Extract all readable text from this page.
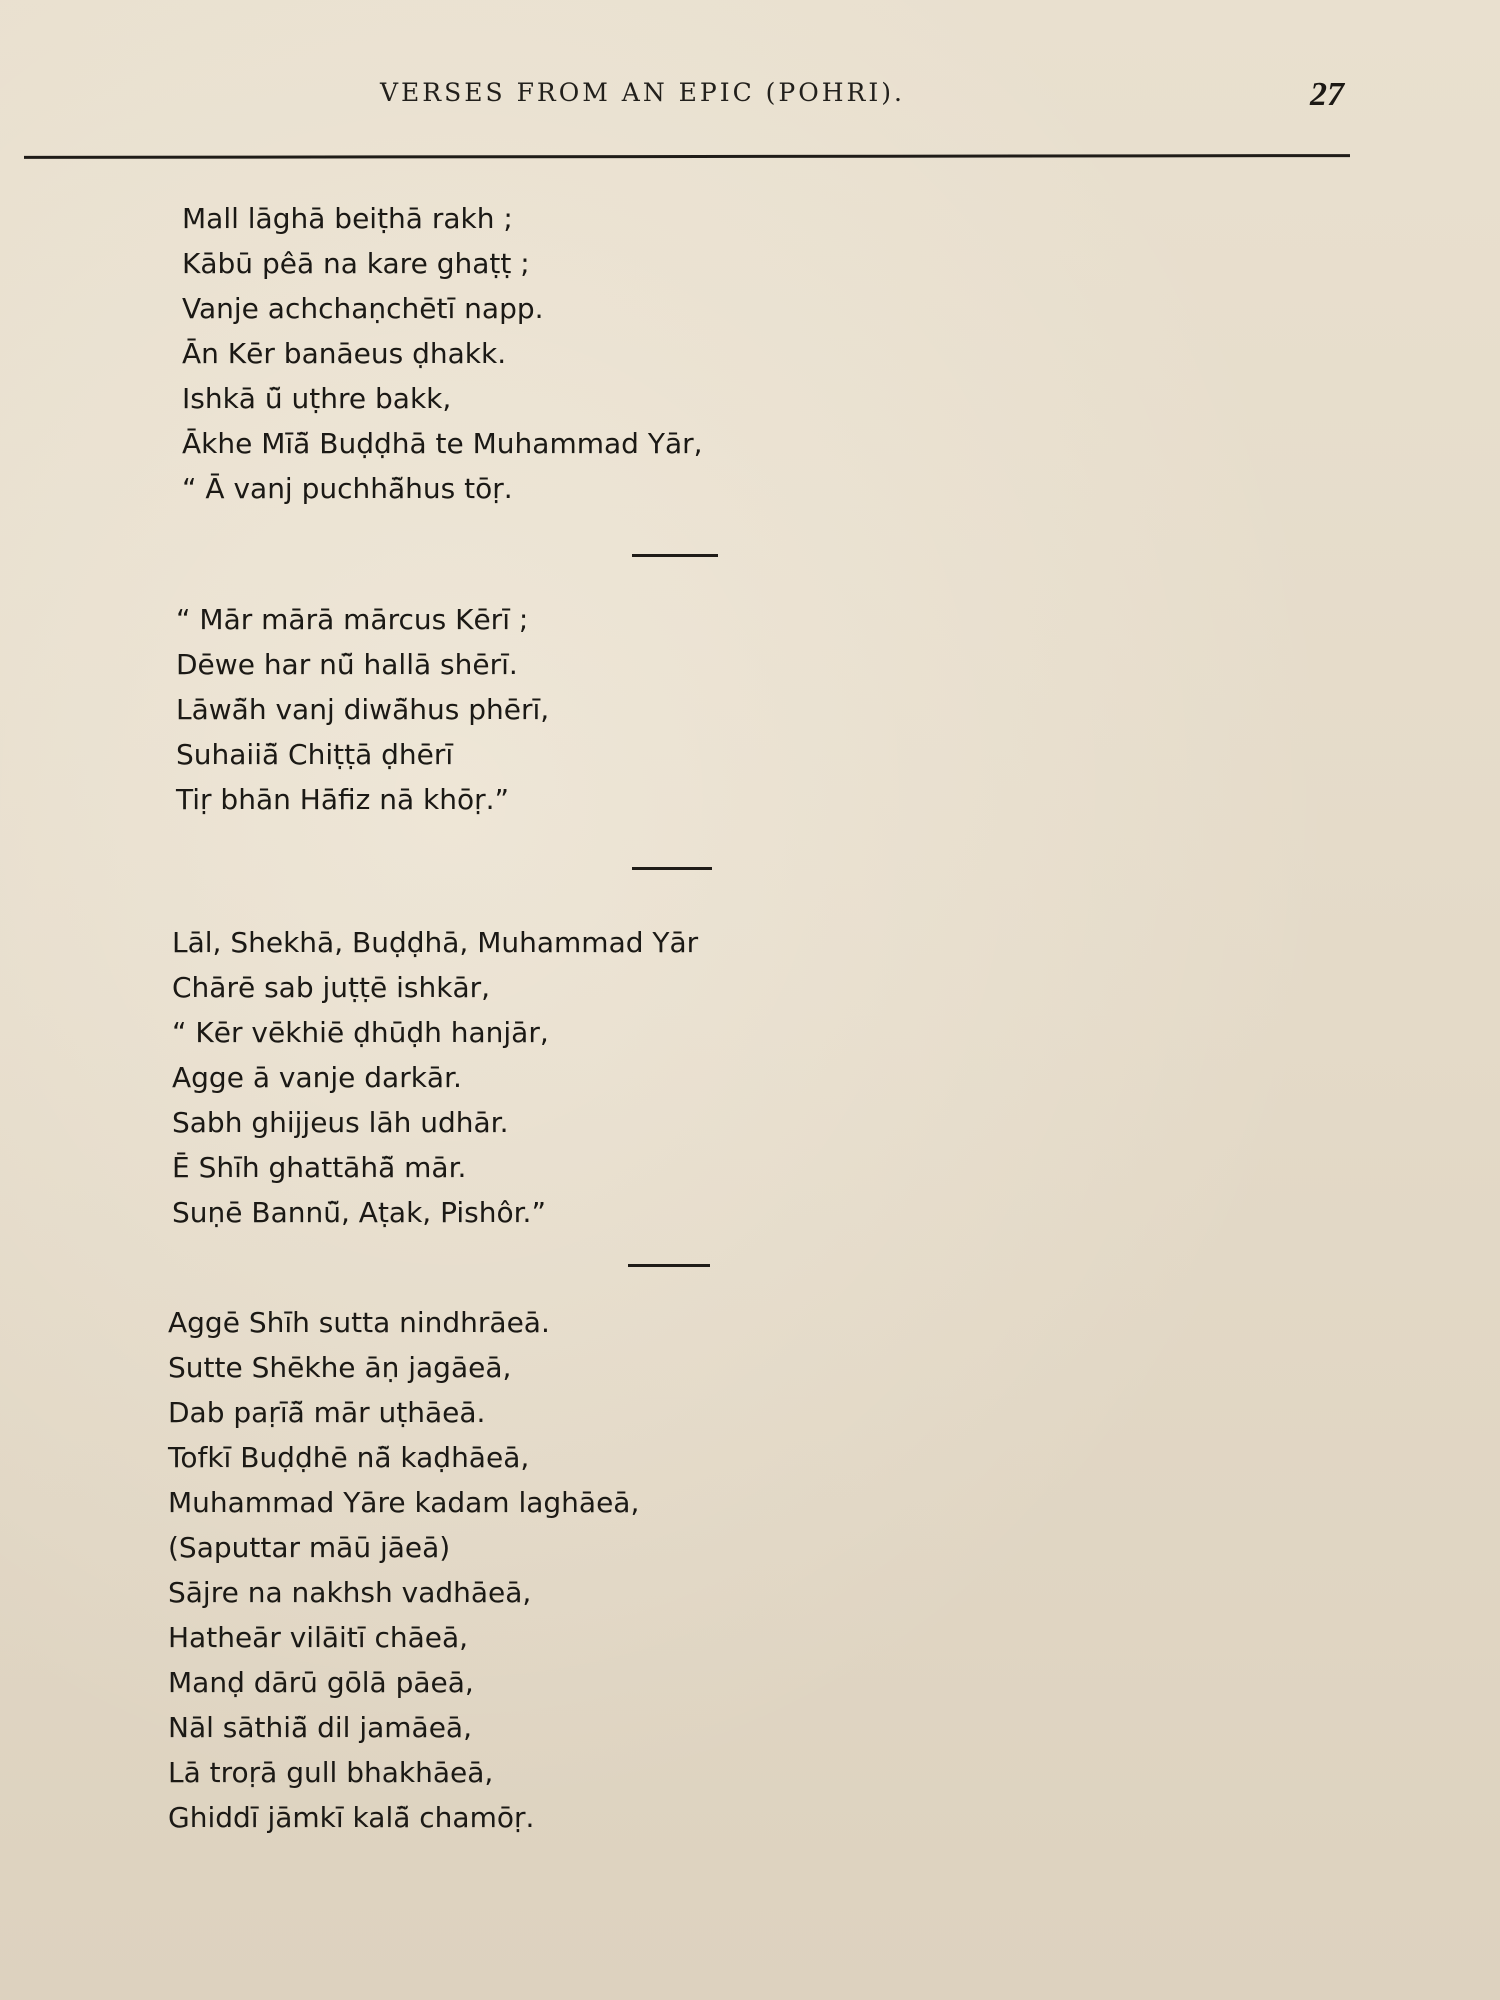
VERSES FROM AN EPIC (POHRI).	27
Mall lāghā beiṭhā rakh ;
Kābū pêā na kare ghaṭṭ ;
Vanje achchaṇchētī napp.
Ān Kēr banāeus ḍhakk.
Ishkā ū̃ uṭhre bakk,
Ākhe Mīā̃ Buḍḍhā te Muhammad Yār,
“ Ā vanj puchhā̃hus tōṛ.
“ Mār mārā mārcus Kērī ;
Dēwe har nū̃ hallā shērī.
Lāwā̃h vanj diwā̃hus phērī,
Suhaiiā̃ Chiṭṭā ḍhērī
Tiṛ bhān Hāfiz nā khōṛ.”
Lāl, Shekhā, Buḍḍhā, Muhammad Yār
Chārē sab juṭṭē ishkār,
“ Kēr vēkhiē ḍhūḍh hanjār,
Agge ā vanje darkār.
Sabh ghijjeus lāh udhār.
Ē Shīh ghattāhā̃ mār.
Suṇē Bannū̃, Aṭak, Pishôr.”
Aggē Shīh sutta nindhrāeā.
Sutte Shēkhe āṇ jagāeā,
Dab paṛīā̃ mār uṭhāeā.
Tofkī Buḍḍhē nā̃ kaḍhāeā,
Muhammad Yāre kadam laghāeā,
(Saputtar māū jāeā)
Sājre na nakhsh vadhāeā,
Hatheār vilāitī chāeā,
Manḍ dārū gōlā pāeā,
Nāl sāthiā̃ dil jamāeā,
Lā troṛā gull bhakhāeā,
Ghiddī jāmkī kalā̃ chamōṛ.
